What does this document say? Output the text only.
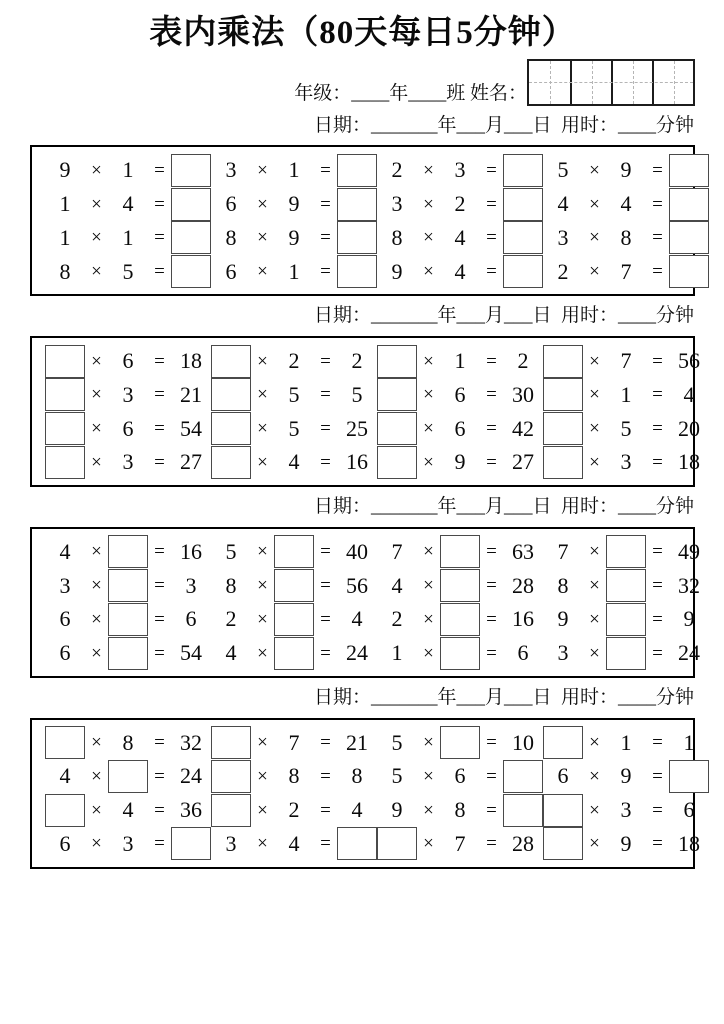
表内乘法（80天每日5分钟）
年级：____年____班 姓名：
日期：_______年___月___日  用时：____分钟
9	× 1	=	3	× 1	=	2	× 3	=	5	× 9	=
1	× 4	=	6	× 9	=	3	× 2	=	4	× 4	=
1	× 1	=	8	× 9	=	8	× 4	=	3	× 8	=
8	× 5	=	6	× 1	=	9	× 4	=	2	× 7	=
日期：_______年___月___日  用时：____分钟
× 6	= 18	× 2	= 2	× 1	= 2	× 7	= 56
× 3	= 21	× 5	= 5	× 6	= 30	× 1	= 4
× 6	= 54	× 5	= 25	× 6	= 42	× 5	= 20
× 3	= 27	× 4	= 16	× 9	= 27	× 3	= 18
日期：_______年___月___日  用时：____分钟
4	×	= 16	5	×	= 40	7	×	= 63	7	×	= 49
3	×	= 3	8	×	= 56	4	×	= 28	8	×	= 32
6	×	= 6	2	×	= 4	2	×	= 16	9	×	= 9
6	×	= 54	4	×	= 24	1	×	= 6	3	×	= 24
日期：_______年___月___日  用时：____分钟
× 8	= 32	× 7	= 21	5	×	= 10	× 1	= 1
4	×	= 24	× 8	= 8	5	× 6	=	6	× 9	=
× 4	= 36	× 2	= 4	9	× 8	=	× 3	= 6
6	× 3	=	3	× 4	=	× 7	= 28	× 9	= 18
